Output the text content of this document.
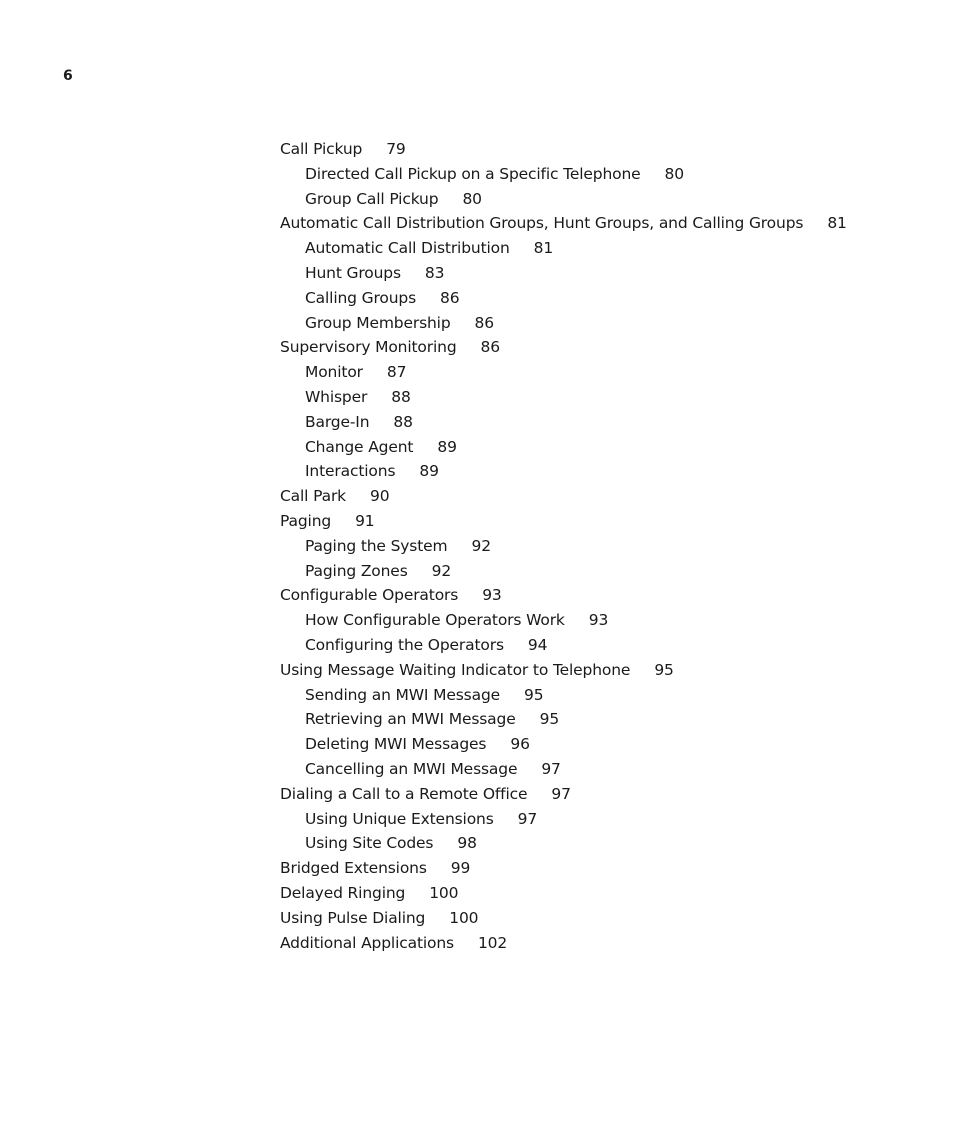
6
Call Pickup 79
Directed Call Pickup on a Specific Telephone 80
Group Call Pickup 80
Automatic Call Distribution Groups, Hunt Groups, and Calling Groups 81
Automatic Call Distribution 81
Hunt Groups 83
Calling Groups 86
Group Membership 86
Supervisory Monitoring 86
Monitor 87
Whisper 88
Barge-In 88
Change Agent 89
Interactions 89
Call Park 90
Paging 91
Paging the System 92
Paging Zones 92
Configurable Operators 93
How Configurable Operators Work 93
Configuring the Operators 94
Using Message Waiting Indicator to Telephone 95
Sending an MWI Message 95
Retrieving an MWI Message 95
Deleting MWI Messages 96
Cancelling an MWI Message 97
Dialing a Call to a Remote Office 97
Using Unique Extensions 97
Using Site Codes 98
Bridged Extensions 99
Delayed Ringing 100
Using Pulse Dialing 100
Additional Applications 102
